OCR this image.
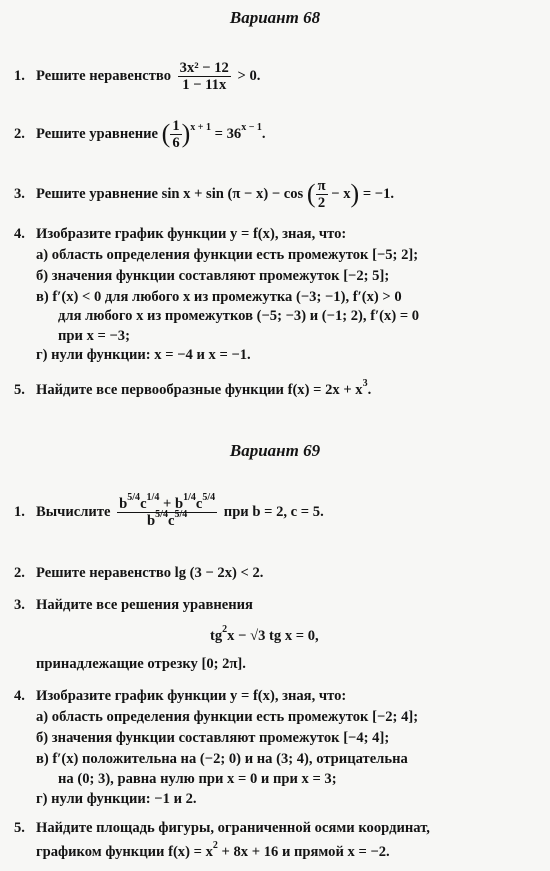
Вариант 68
1. Решите неравенство $\frac{\text{3x² − 12}}{1 - 11x} > 0$.
2. Решите уравнение ( $\frac{1}{6} )^{x + 1} = 36^{x - 1}$.
3. Решите уравнение sin x + sin (π − x) − cos ( $\frac{\pi}{2} - x) = -1$.
4. Изобразите график функции y = f(x), зная, что:
а) область определения функции есть промежуток [−5; 2];
б) значения функции составляют промежуток [−2; 5];
в) f′(x) < 0 для любого x из промежутка (−3; −1), f′(x) > 0
для любого x из промежутков (−5; −3) и (−1; 2), f′(x) = 0
при x = −3;
г) нули функции: x = −4 и x = −1.
5. Найдите все первообразные функции $f(x) = 2x + x^3$.
Вариант 69
1. Вычислите $\frac{b^{5/4}c^{1/4} + b^{1/4}c^{5/4}}{b^{5/4}c^{5/4}}$ при b = 2, c = 5.
2. Решите неравенство lg (3 − 2x) < 2.
3. Найдите все решения уравнения
$tg^2x - √3$ tg x = 0,
принадлежащие отрезку [0; 2π].
4. Изобразите график функции y = f(x), зная, что:
а) область определения функции есть промежуток [−2; 4];
б) значения функции составляют промежуток [−4; 4];
в) f′(x) положительна на (−2; 0) и на (3; 4), отрицательна
на (0; 3), равна нулю при x = 0 и при x = 3;
г) нули функции: −1 и 2.
5. Найдите площадь фигуры, ограниченной осями координат,
графиком функции $f(x) = x^2 + 8x + 16$ и прямой x = −2.
